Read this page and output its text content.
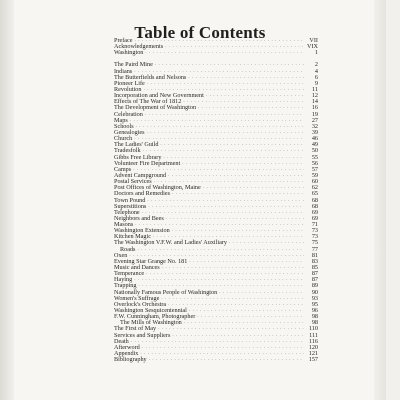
Table of Contents
Preface . . .	VII
Acknowledgements . . .	VIX
Washington . . .	1
The Paird Mine . . .	2
Indians . . .	4
The Butterfields and Nelsons . . .	6
Pioneer Life . . .	9
Revolution . . .	11
Incorporation and New Government . . .	12
Effects of The War of 1812 . . .	14
The Development of Washington . . .	16
Celebration . . .	19
Maps . . .	27
Schools . . .	32
Genealogies . . .	39
Church . . .	46
The Ladies' Guild . . .	49
Tradesfolk . . .	50
Gibbs Free Library . . .	55
Volunteer Fire Department . . .	56
Camps . . .	57
Advent Campground . . .	59
Postal Services . . .	60
Post Offices of Washington, Maine . . .	62
Doctors and Remedies . . .	65
Town Pound . . .	68
Superstitions . . .	68
Telephone . . .	69
Neighbors and Bees . . .	69
Masons . . .	71
Washington Extension . . .	73
Kitchen Magic . . .	73
The Washington V.F.W. and Ladies' Auxiliary . . .	75
Roads . . .	77
Oxen . . .	81
Evening Star Grange No. 181 . . .	83
Music and Dances . . .	85
Temperance . . .	87
Haying . . .	87
Trapping . . .	89
Nationally Famous People of Washington . . .	90
Women's Suffrage . . .	93
Overlock's Orchestra . . .	95
Washington Sesquicentennial . . .	96
F.W. Cunningham, Photographer . . .	98
The Mills of Washington . . .	98
The First of May . . .	110
Services and Suppliers . . .	111
Death . . .	116
Afterword . . .	120
Appendix . . .	121
Bibliography . . .	157
